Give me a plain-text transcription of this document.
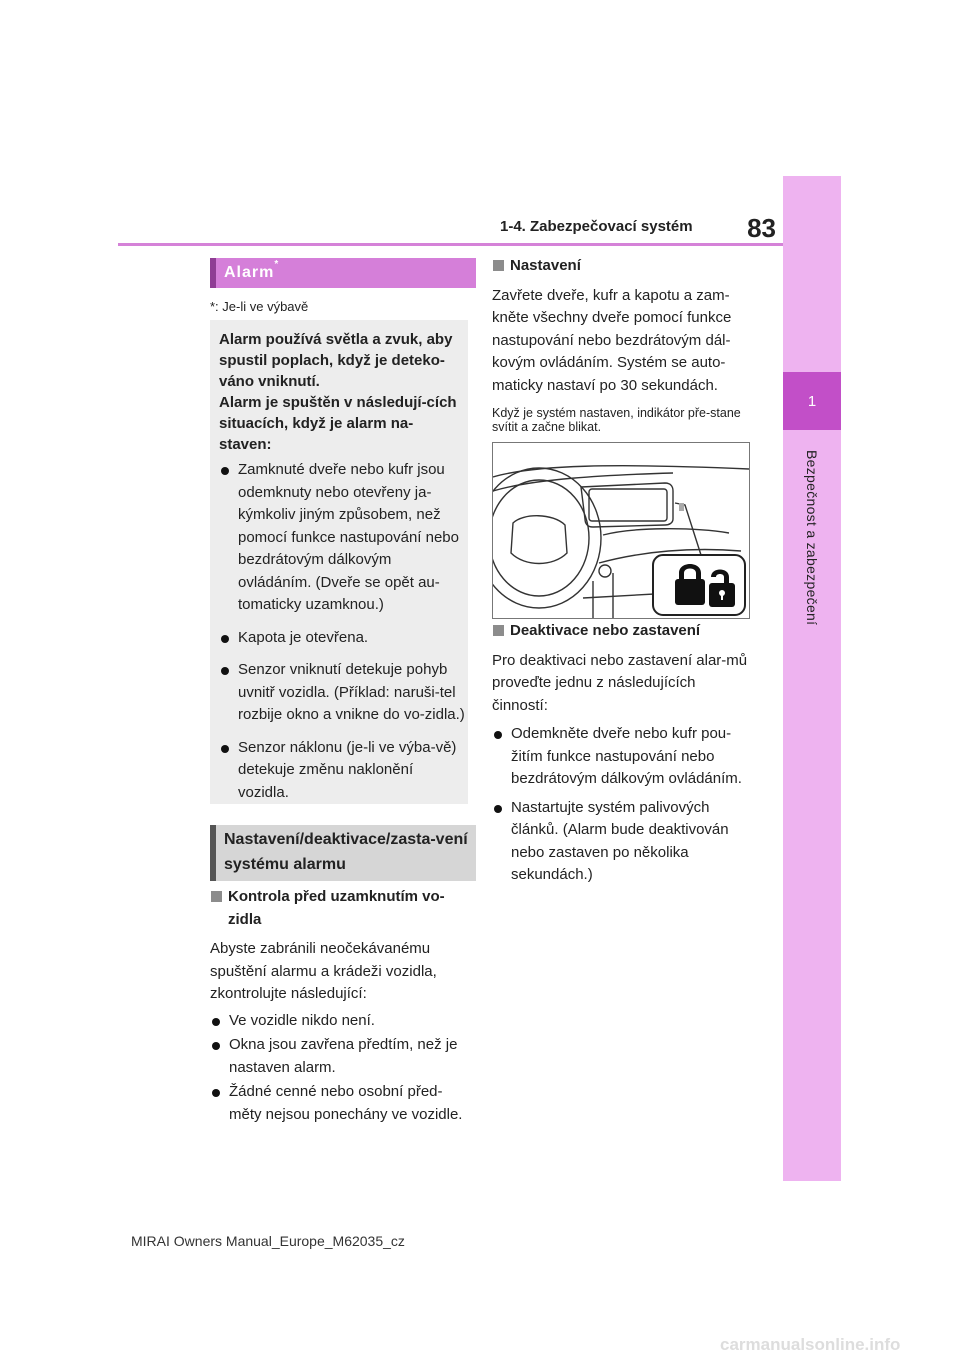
1-4. Zabezpečovací systém	83
1
Bezpečnost a zabezpečení
Alarm*
*: Je-li ve výbavě
Alarm používá světla a zvuk, aby spustil poplach, když je deteko-váno vniknutí.
Alarm je spuštěn v následují-cích situacích, když je alarm na-staven:
Zamknuté dveře nebo kufr jsou odemknuty nebo otevřeny ja-kýmkoliv jiným způsobem, než pomocí funkce nastupování nebo bezdrátovým dálkovým ovládáním. (Dveře se opět au-tomaticky uzamknou.)
Kapota je otevřena.
Senzor vniknutí detekuje pohyb uvnitř vozidla. (Příklad: naruši-tel rozbije okno a vnikne do vo-zidla.)
Senzor náklonu (je-li ve výba-vě) detekuje změnu naklonění vozidla.
Nastavení/deaktivace/zasta-vení systému alarmu
Kontrola před uzamknutím vo-zidla
Abyste zabránili neočekávanému spuštění alarmu a krádeži vozidla, zkontrolujte následující:
Ve vozidle nikdo není.
Okna jsou zavřena předtím, než je nastaven alarm.
Žádné cenné nebo osobní před-měty nejsou ponechány ve vozidle.
Nastavení
Zavřete dveře, kufr a kapotu a zam-kněte všechny dveře pomocí funkce nastupování nebo bezdrátovým dál-kovým ovládáním. Systém se auto-maticky nastaví po 30 sekundách.
Když je systém nastaven, indikátor pře-stane svítit a začne blikat.
Deaktivace nebo zastavení
Pro deaktivaci nebo zastavení alar-mů proveďte jednu z následujících činností:
Odemkněte dveře nebo kufr pou-žitím funkce nastupování nebo bezdrátovým dálkovým ovládáním.
Nastartujte systém palivových článků. (Alarm bude deaktivován nebo zastaven po několika sekundách.)
MIRAI Owners Manual_Europe_M62035_cz
carmanualsonline.info
